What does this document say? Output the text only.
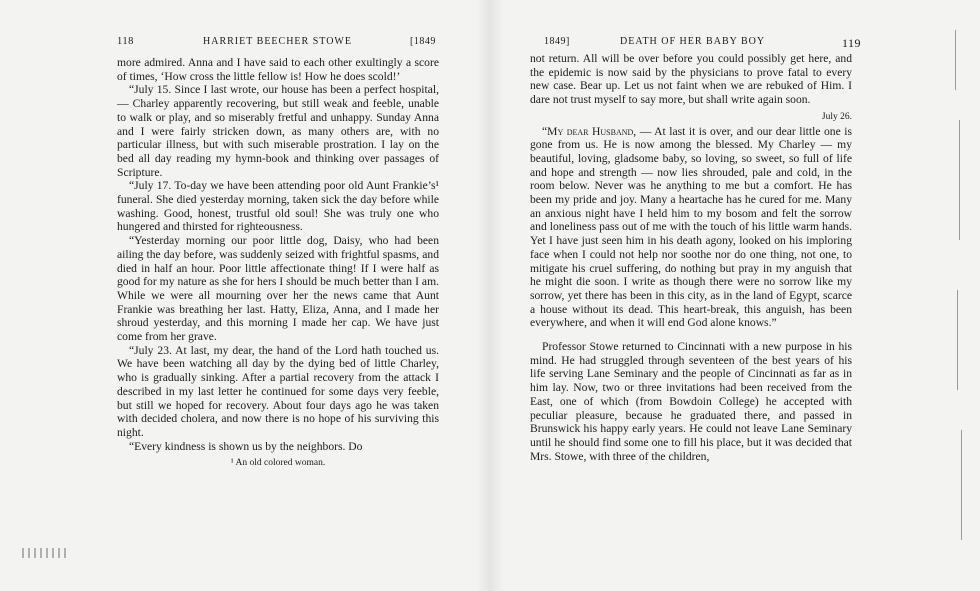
118	HARRIET BEECHER STOWE	[1849

more admired. Anna and I have said to each other exultingly a score of times, ‘How cross the little fellow is! How he does scold!’

“July 15. Since I last wrote, our house has been a perfect hospital, — Charley apparently recovering, but still weak and feeble, unable to walk or play, and so miserably fretful and unhappy. Sunday Anna and I were fairly stricken down, as many others are, with no particular illness, but with such miserable prostration. I lay on the bed all day reading my hymn-book and thinking over passages of Scripture.

“July 17. To-day we have been attending poor old Aunt Frankie’s¹ funeral. She died yesterday morning, taken sick the day before while washing. Good, honest, trustful old soul! She was truly one who hungered and thirsted for righteousness.

“Yesterday morning our poor little dog, Daisy, who had been ailing the day before, was suddenly seized with frightful spasms, and died in half an hour. Poor little affectionate thing! If I were half as good for my nature as she for hers I should be much better than I am. While we were all mourning over her the news came that Aunt Frankie was breathing her last. Hatty, Eliza, Anna, and I made her shroud yesterday, and this morning I made her cap. We have just come from her grave.

“July 23. At last, my dear, the hand of the Lord hath touched us. We have been watching all day by the dying bed of little Charley, who is gradually sinking. After a partial recovery from the attack I described in my last letter he continued for some days very feeble, but still we hoped for recovery. About four days ago he was taken with decided cholera, and now there is no hope of his surviving this night.

“Every kindness is shown us by the neighbors. Do

¹ An old colored woman.
1849]	DEATH OF HER BABY BOY	119

not return. All will be over before you could possibly get here, and the epidemic is now said by the physicians to prove fatal to every new case. Bear up. Let us not faint when we are rebuked of Him. I dare not trust myself to say more, but shall write again soon.

July 26.

“My dear Husband, — At last it is over, and our dear little one is gone from us. He is now among the blessed. My Charley — my beautiful, loving, gladsome baby, so loving, so sweet, so full of life and hope and strength — now lies shrouded, pale and cold, in the room below. Never was he anything to me but a comfort. He has been my pride and joy. Many a heartache has he cured for me. Many an anxious night have I held him to my bosom and felt the sorrow and loneliness pass out of me with the touch of his little warm hands. Yet I have just seen him in his death agony, looked on his imploring face when I could not help nor soothe nor do one thing, not one, to mitigate his cruel suffering, do nothing but pray in my anguish that he might die soon. I write as though there were no sorrow like my sorrow, yet there has been in this city, as in the land of Egypt, scarce a house without its dead. This heart-break, this anguish, has been everywhere, and when it will end God alone knows.”

Professor Stowe returned to Cincinnati with a new purpose in his mind. He had struggled through seventeen of the best years of his life serving Lane Seminary and the people of Cincinnati as far as in him lay. Now, two or three invitations had been received from the East, one of which (from Bowdoin College) he accepted with peculiar pleasure, because he graduated there, and passed in Brunswick his happy early years. He could not leave Lane Seminary until he should find some one to fill his place, but it was decided that Mrs. Stowe, with three of the children,
